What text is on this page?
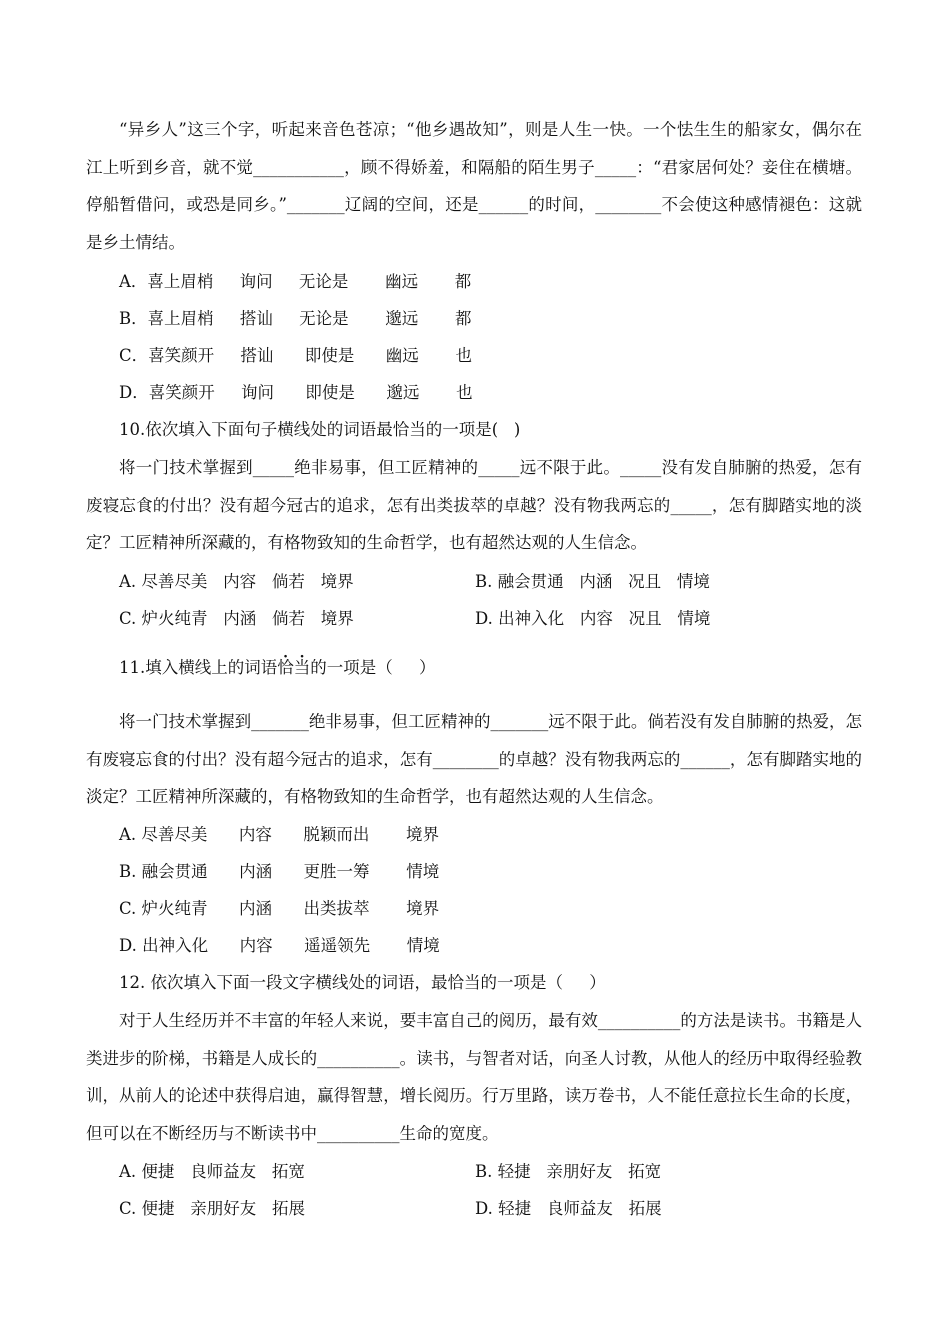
“异乡人”这三个字，听起来音色苍凉；“他乡遇故知”，则是人生一快。一个怯生生的船家女，偶尔在江上听到乡音，就不觉___________，顾不得娇羞，和隔船的陌生男子_____：“君家居何处？妾住在横塘。停船暂借问，或恐是同乡。”_______辽阔的空间，还是______的时间，________不会使这种感情褪色：这就是乡土情结。

A．喜上眉梢     询问     无论是       幽远       都
B．喜上眉梢     搭讪     无论是       邈远       都
C．喜笑颜开     搭讪      即使是      幽远       也
D．喜笑颜开     询问      即使是      邈远       也
10.依次填入下面句子横线处的词语最恰当的一项是(   )

将一门技术掌握到_____绝非易事，但工匠精神的_____远不限于此。_____没有发自肺腑的热爱，怎有废寝忘食的付出？没有超今冠古的追求，怎有出类拔萃的卓越？没有物我两忘的_____，怎有脚踏实地的淡定？工匠精神所深藏的，有格物致知的生命哲学，也有超然达观的人生信念。

A. 尽善尽美   内容   倘若   境界	B. 融会贯通   内涵   况且   情境
C. 炉火纯青   内涵   倘若   境界	D. 出神入化   内容   况且   情境
11.填入横线上的词语恰当的一项是（     ）

将一门技术掌握到_______绝非易事，但工匠精神的_______远不限于此。倘若没有发自肺腑的热爱，怎有废寝忘食的付出？没有超今冠古的追求，怎有________的卓越？没有物我两忘的______，怎有脚踏实地的淡定？工匠精神所深藏的，有格物致知的生命哲学，也有超然达观的人生信念。

A. 尽善尽美      内容      脱颖而出       境界
B. 融会贯通      内涵      更胜一筹       情境
C. 炉火纯青      内涵      出类拔萃       境界
D. 出神入化      内容      遥遥领先       情境
12. 依次填入下面一段文字横线处的词语，最恰当的一项是（     ）

对于人生经历并不丰富的年轻人来说，要丰富自己的阅历，最有效__________的方法是读书。书籍是人类进步的阶梯，书籍是人成长的__________。读书，与智者对话，向圣人讨教，从他人的经历中取得经验教训，从前人的论述中获得启迪，赢得智慧，增长阅历。行万里路，读万卷书，人不能任意拉长生命的长度，但可以在不断经历与不断读书中__________生命的宽度。

A. 便捷   良师益友   拓宽	B. 轻捷   亲朋好友   拓宽
C. 便捷   亲朋好友   拓展	D. 轻捷   良师益友   拓展
